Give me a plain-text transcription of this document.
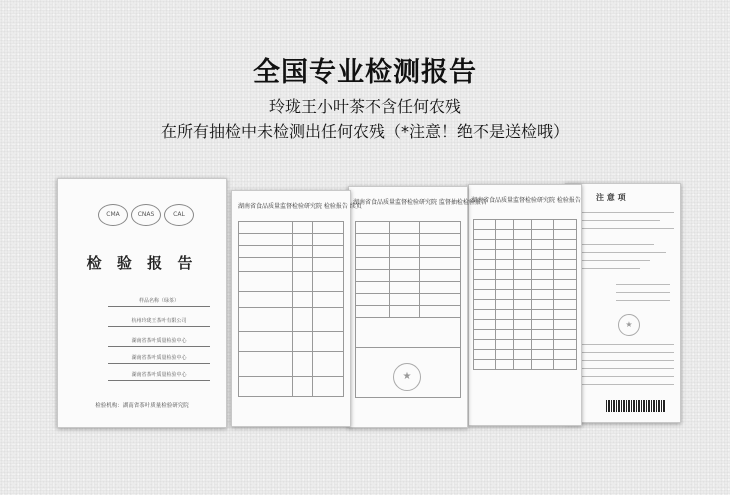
全国专业检测报告
玲珑王小叶茶不含任何农残
在所有抽检中未检测出任何农残（*注意！绝不是送检哦）
CMA	CNAS	CAL
检 验 报 告
样品名称（绿茶）
杭州玲珑王茶叶有限公司
湖南省茶叶质量检验中心
湖南省茶叶质量检验中心
湖南省茶叶质量检验中心
检验机构：湖南省茶叶质量检验研究院
湖南省食品质量监督检验研究院 检验报告 续页
湖南省食品质量监督检验研究院 监督抽检检验报告
★
湖南省食品质量监督检验研究院 检验报告 注 意 项
★
